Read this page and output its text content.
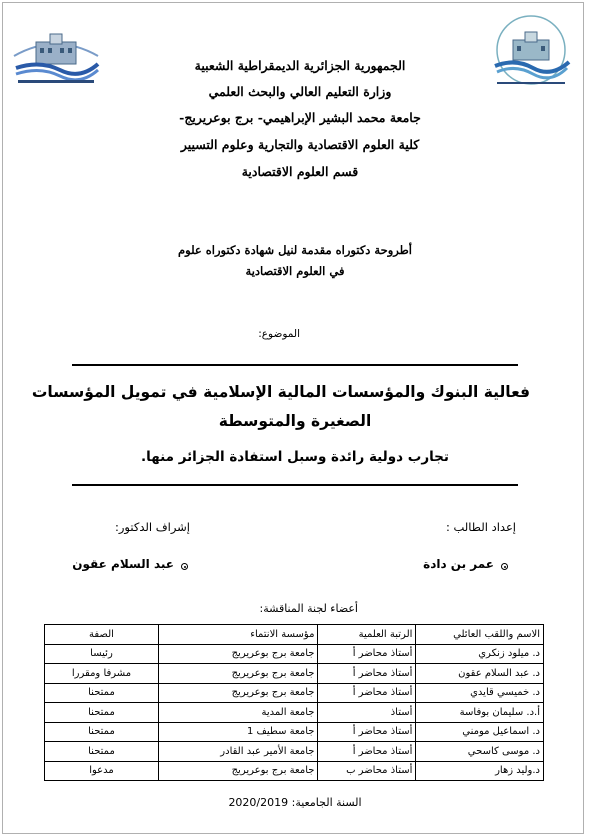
الجمهورية الجزائرية الديمقراطية الشعبية
وزارة التعليم العالي والبحث العلمي
جامعة محمد البشير الإبراهيمي- برج بوعريريج-
كلية العلوم الاقتصادية والتجارية وعلوم التسيير
قسم العلوم الاقتصادية
أطروحة دكتوراه مقدمة لنيل شهادة دكتوراه علوم
في العلوم الاقتصادية
الموضوع:
فعالية البنوك والمؤسسات المالية الإسلامية في تمويل المؤسسات
الصغيرة والمتوسطة
تجارب دولية رائدة وسبل استفادة الجزائر منها.
إعداد الطالب :
إشراف الدكتور:
عمر بن دادة
عبد السلام عقون
أعضاء لجنة المناقشة:
الاسم واللقب العائلي	الرتبة العلمية	مؤسسة الانتماء	الصفة
د. ميلود زنكري	أستاذ محاضر أ	جامعة برج بوعريريج	رئيسا
د. عبد السلام عقون	أستاذ محاضر أ	جامعة برج بوعريريج	مشرفا ومقررا
د. خميسي قايدي	أستاذ محاضر أ	جامعة برج بوعريريج	ممتحنا
أ.د. سليمان بوفاسة	أستاذ	جامعة المدية	ممتحنا
د. اسماعيل مومني	أستاذ محاضر أ	جامعة سطيف 1	ممتحنا
د. موسى كاسحي	أستاذ محاضر أ	جامعة الأمير عبد القادر	ممتحنا
د.وليد زهار	أستاذ محاضر ب	جامعة برج بوعريريج	مدعوا
السنة الجامعية: 2020/2019
